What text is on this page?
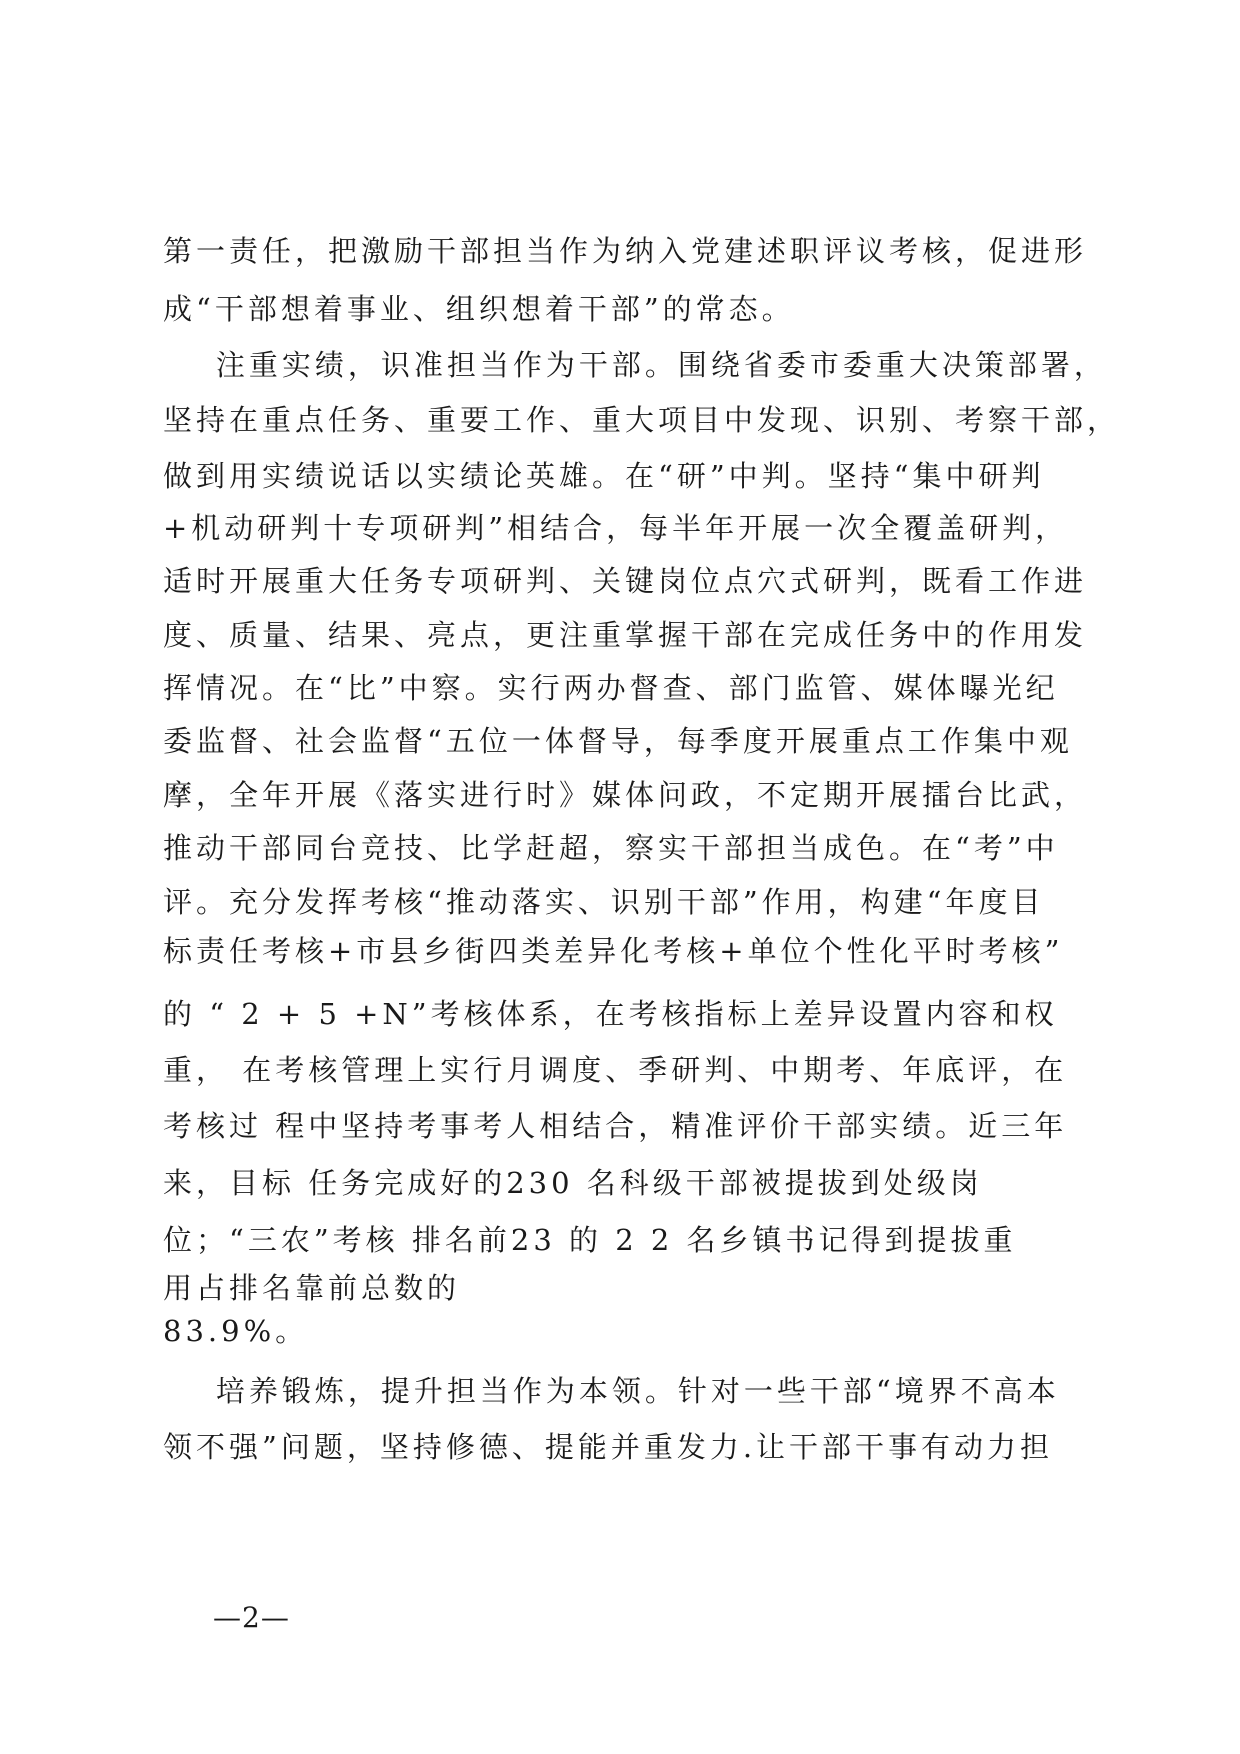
第一责任，把激励干部担当作为纳入党建述职评议考核，促进形
成“干部想着事业、组织想着干部”的常态。
注重实绩，识准担当作为干部。围绕省委市委重大决策部署，
坚持在重点任务、重要工作、重大项目中发现、识别、考察干部，
做到用实绩说话以实绩论英雄。在“研”中判。坚持“集中研判
+机动研判十专项研判”相结合，每半年开展一次全覆盖研判，
适时开展重大任务专项研判、关键岗位点穴式研判，既看工作进
度、质量、结果、亮点，更注重掌握干部在完成任务中的作用发
挥情况。在“比”中察。实行两办督查、部门监管、媒体曝光纪
委监督、社会监督“五位一体督导，每季度开展重点工作集中观
摩，全年开展《落实进行时》媒体问政，不定期开展擂台比武，
推动干部同台竞技、比学赶超，察实干部担当成色。在“考”中
评。充分发挥考核“推动落实、识别干部”作用，构建“年度目
标责任考核+市县乡街四类差异化考核+单位个性化平时考核”
的 “ 2 + 5 +N”考核体系，在考核指标上差异设置内容和权
重， 在考核管理上实行月调度、季研判、中期考、年底评，在
考核过 程中坚持考事考人相结合，精准评价干部实绩。近三年
来，目标 任务完成好的230 名科级干部被提拔到处级岗
位；“三农”考核 排名前23 的 2 2 名乡镇书记得到提拔重
用占排名靠前总数的
83.9%。
培养锻炼，提升担当作为本领。针对一些干部“境界不高本
领不强”问题，坚持修德、提能并重发力.让干部干事有动力担
—2—
